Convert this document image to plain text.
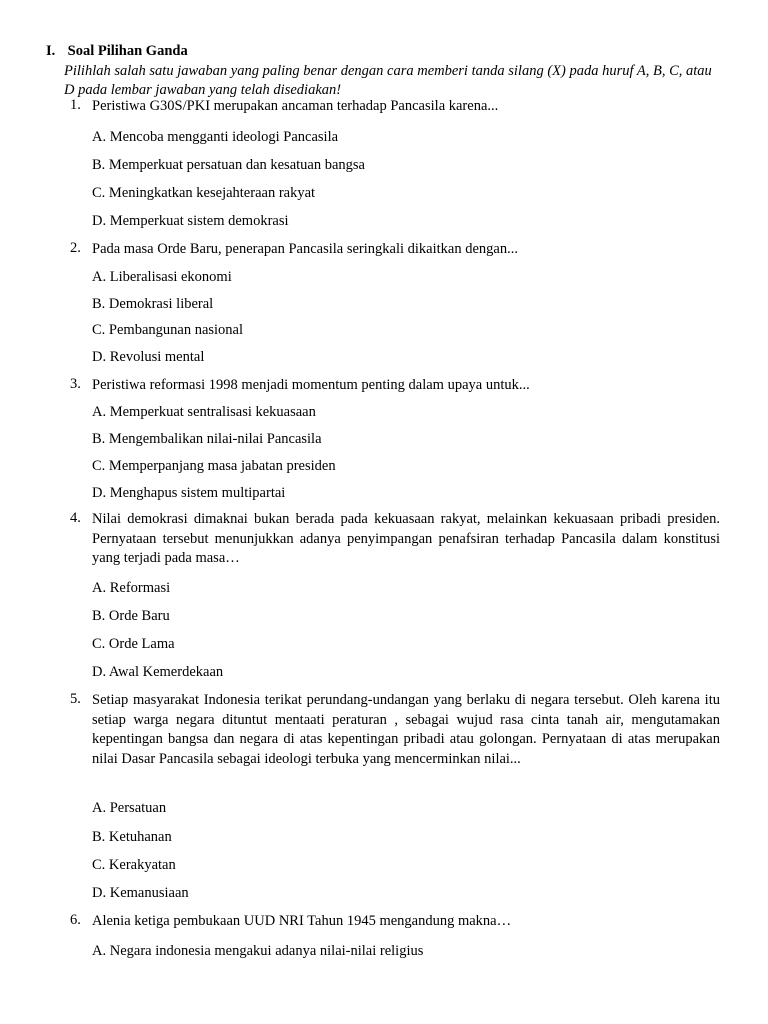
I. Soal Pilihan Ganda
Pilihlah salah satu jawaban yang paling benar dengan cara memberi tanda silang (X) pada huruf A, B, C, atau D pada lembar jawaban yang telah disediakan!
1. Peristiwa G30S/PKI merupakan ancaman terhadap Pancasila karena...
A. Mencoba mengganti ideologi Pancasila
B. Memperkuat persatuan dan kesatuan bangsa
C. Meningkatkan kesejahteraan rakyat
D. Memperkuat sistem demokrasi
2. Pada masa Orde Baru, penerapan Pancasila seringkali dikaitkan dengan...
A. Liberalisasi ekonomi
B. Demokrasi liberal
C. Pembangunan nasional
D. Revolusi mental
3. Peristiwa reformasi 1998 menjadi momentum penting dalam upaya untuk...
A. Memperkuat sentralisasi kekuasaan
B. Mengembalikan nilai-nilai Pancasila
C. Memperpanjang masa jabatan presiden
D. Menghapus sistem multipartai
4. Nilai demokrasi dimaknai bukan berada pada kekuasaan rakyat, melainkan kekuasaan pribadi presiden. Pernyataan tersebut menunjukkan adanya penyimpangan penafsiran terhadap Pancasila dalam konstitusi yang terjadi pada masa…
A. Reformasi
B. Orde Baru
C. Orde Lama
D. Awal Kemerdekaan
5. Setiap masyarakat Indonesia terikat perundang-undangan yang berlaku di negara tersebut. Oleh karena itu setiap warga negara dituntut mentaati peraturan , sebagai wujud rasa cinta tanah air, mengutamakan kepentingan bangsa dan negara di atas kepentingan pribadi atau golongan. Pernyataan di atas merupakan nilai Dasar Pancasila sebagai ideologi terbuka yang mencerminkan nilai...
A. Persatuan
B. Ketuhanan
C. Kerakyatan
D. Kemanusiaan
6. Alenia ketiga pembukaan UUD NRI Tahun 1945 mengandung makna…
A. Negara indonesia mengakui adanya nilai-nilai religius
